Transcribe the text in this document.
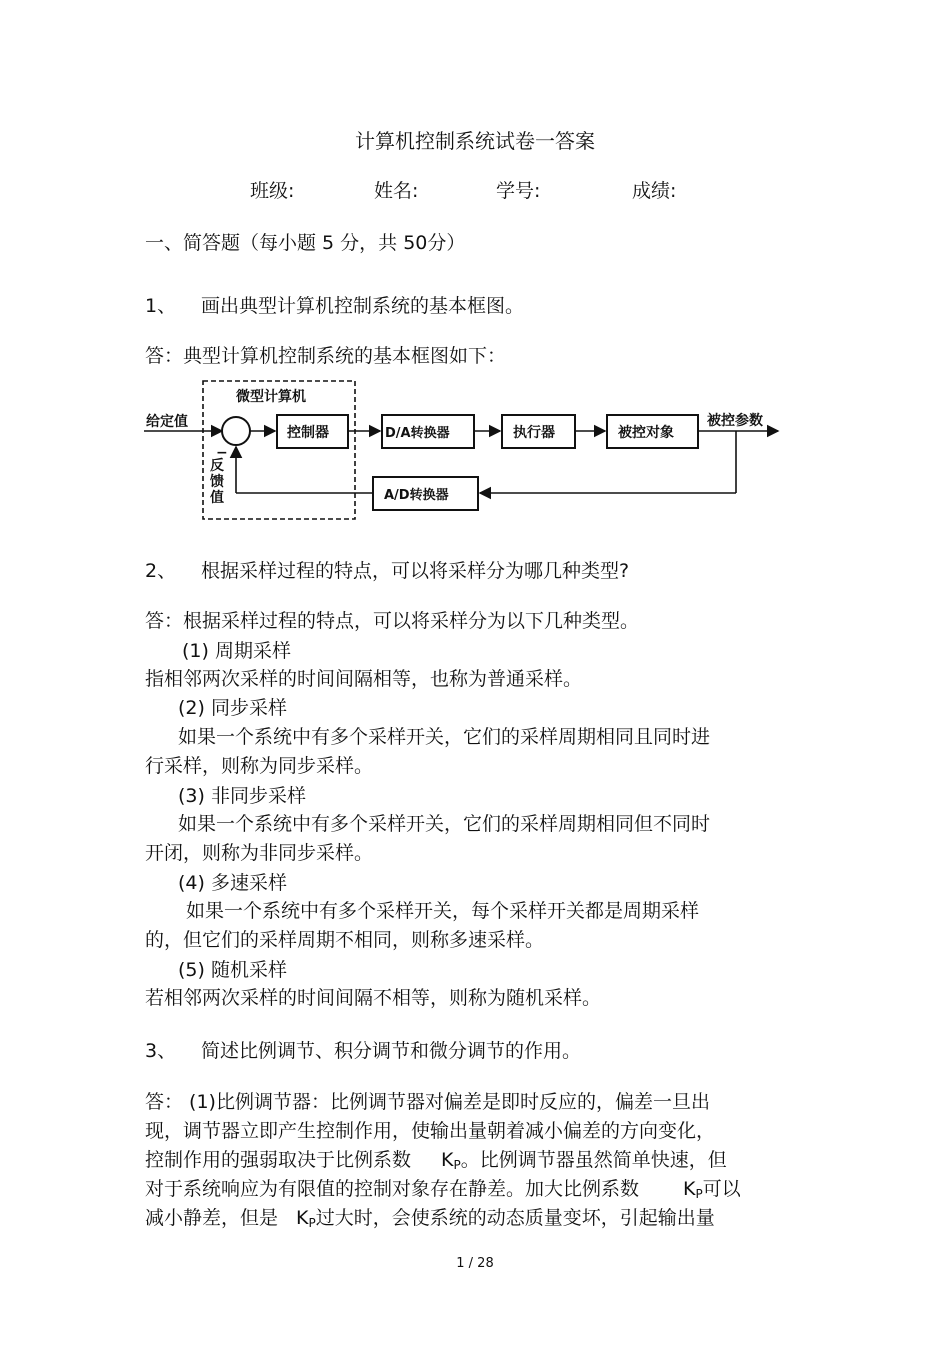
计算机控制系统试卷一答案
班级:	姓名:	学号:	成绩:
一、简答题（每小题 5 分，共 50分）
1、 画出典型计算机控制系统的基本框图。
答：典型计算机控制系统的基本框图如下：
微型计算机
给定值
−
控制器	D/A转换器	执行器	被控对象
被控参数
A/D转换器
反
馈
值
2、 根据采样过程的特点，可以将采样分为哪几种类型?
答：根据采样过程的特点，可以将采样分为以下几种类型。
(1) 周期采样
指相邻两次采样的时间间隔相等，也称为普通采样。
(2) 同步采样
如果一个系统中有多个采样开关，它们的采样周期相同且同时进
行采样，则称为同步采样。
(3) 非同步采样
如果一个系统中有多个采样开关，它们的采样周期相同但不同时
开闭，则称为非同步采样。
(4) 多速采样
如果一个系统中有多个采样开关，每个采样开关都是周期采样
的，但它们的采样周期不相同，则称多速采样。
(5) 随机采样
若相邻两次采样的时间间隔不相等，则称为随机采样。
3、 简述比例调节、积分调节和微分调节的作用。
答： (1)比例调节器：比例调节器对偏差是即时反应的，偏差一旦出
现，调节器立即产生控制作用，使输出量朝着减小偏差的方向变化，
控制作用的强弱取决于比例系数 $K_P$。比例调节器虽然简单快速，但
对于系统响应为有限值的控制对象存在静差。加大比例系数 $K_P$可以
减小静差，但是 $K_P$过大时，会使系统的动态质量变坏，引起输出量
1 / 28
